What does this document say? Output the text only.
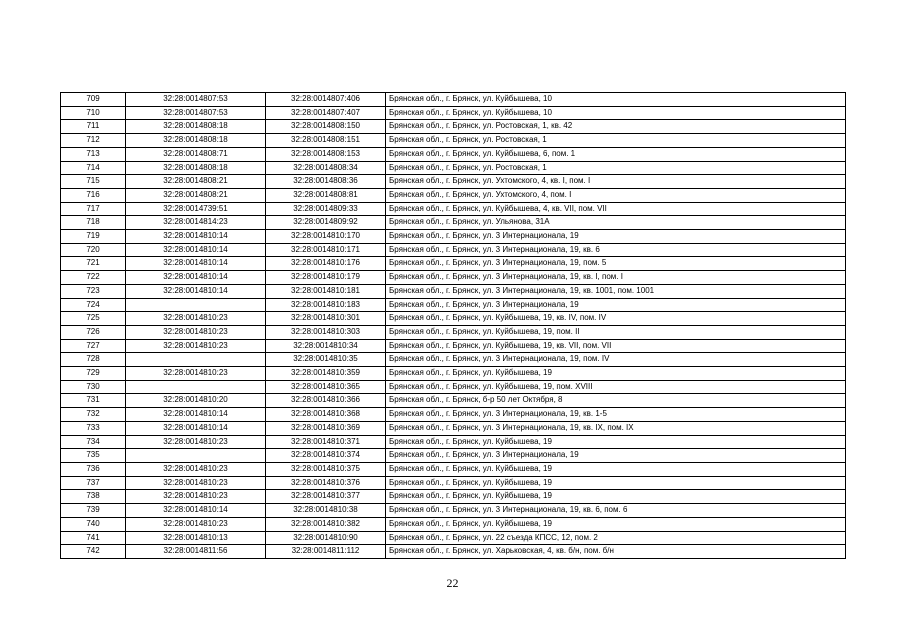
709	32:28:0014807:53	32:28:0014807:406	Брянская обл., г. Брянск, ул. Куйбышева, 10
710	32:28:0014807:53	32:28:0014807:407	Брянская обл., г. Брянск, ул. Куйбышева, 10
711	32:28:0014808:18	32:28:0014808:150	Брянская обл., г. Брянск, ул. Ростовская, 1, кв. 42
712	32:28:0014808:18	32:28:0014808:151	Брянская обл., г. Брянск, ул. Ростовская, 1
713	32:28:0014808:71	32:28:0014808:153	Брянская обл., г. Брянск, ул. Куйбышева, 6, пом. 1
714	32:28:0014808:18	32:28:0014808:34	Брянская обл., г. Брянск, ул. Ростовская, 1
715	32:28:0014808:21	32:28:0014808:36	Брянская обл., г. Брянск, ул. Ухтомского, 4, кв. I, пом. I
716	32:28:0014808:21	32:28:0014808:81	Брянская обл., г. Брянск, ул. Ухтомского, 4, пом. I
717	32:28:0014739:51	32:28:0014809:33	Брянская обл., г. Брянск, ул. Куйбышева, 4, кв. VII, пом. VII
718	32:28:0014814:23	32:28:0014809:92	Брянская обл., г. Брянск, ул. Ульянова, 31А
719	32:28:0014810:14	32:28:0014810:170	Брянская обл., г. Брянск, ул. 3 Интернационала, 19
720	32:28:0014810:14	32:28:0014810:171	Брянская обл., г. Брянск, ул. 3 Интернационала, 19, кв. 6
721	32:28:0014810:14	32:28:0014810:176	Брянская обл., г. Брянск, ул. 3 Интернационала, 19, пом. 5
722	32:28:0014810:14	32:28:0014810:179	Брянская обл., г. Брянск, ул. 3 Интернационала, 19, кв. I, пом. I
723	32:28:0014810:14	32:28:0014810:181	Брянская обл., г. Брянск, ул. 3 Интернационала, 19, кв. 1001, пом. 1001
724		32:28:0014810:183	Брянская обл., г. Брянск, ул. 3 Интернационала, 19
725	32:28:0014810:23	32:28:0014810:301	Брянская обл., г. Брянск, ул. Куйбышева, 19, кв. IV, пом. IV
726	32:28:0014810:23	32:28:0014810:303	Брянская обл., г. Брянск, ул. Куйбышева, 19, пом. II
727	32:28:0014810:23	32:28:0014810:34	Брянская обл., г. Брянск, ул. Куйбышева, 19, кв. VII, пом. VII
728		32:28:0014810:35	Брянская обл., г. Брянск, ул. 3 Интернационала, 19, пом. IV
729	32:28:0014810:23	32:28:0014810:359	Брянская обл., г. Брянск, ул. Куйбышева, 19
730		32:28:0014810:365	Брянская обл., г. Брянск, ул. Куйбышева, 19, пом. XVIII
731	32:28:0014810:20	32:28:0014810:366	Брянская обл., г. Брянск, б-р 50 лет Октября, 8
732	32:28:0014810:14	32:28:0014810:368	Брянская обл., г. Брянск, ул. 3 Интернационала, 19, кв. 1-5
733	32:28:0014810:14	32:28:0014810:369	Брянская обл., г. Брянск, ул. 3 Интернационала, 19, кв. IX, пом. IX
734	32:28:0014810:23	32:28:0014810:371	Брянская обл., г. Брянск, ул. Куйбышева, 19
735		32:28:0014810:374	Брянская обл., г. Брянск, ул. 3 Интернационала, 19
736	32:28:0014810:23	32:28:0014810:375	Брянская обл., г. Брянск, ул. Куйбышева, 19
737	32:28:0014810:23	32:28:0014810:376	Брянская обл., г. Брянск, ул. Куйбышева, 19
738	32:28:0014810:23	32:28:0014810:377	Брянская обл., г. Брянск, ул. Куйбышева, 19
739	32:28:0014810:14	32:28:0014810:38	Брянская обл., г. Брянск, ул. 3 Интернационала, 19, кв. 6, пом. 6
740	32:28:0014810:23	32:28:0014810:382	Брянская обл., г. Брянск, ул. Куйбышева, 19
741	32:28:0014810:13	32:28:0014810:90	Брянская обл., г. Брянск, ул. 22 съезда КПСС, 12, пом. 2
742	32:28:0014811:56	32:28:0014811:112	Брянская обл., г. Брянск, ул. Харьковская, 4, кв. б/н, пом. б/н
22
